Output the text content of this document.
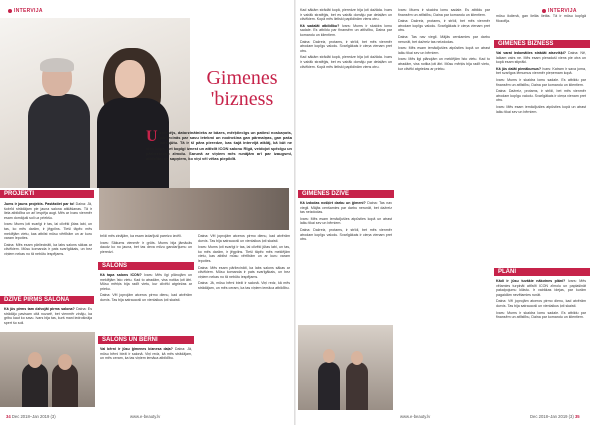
INTERVIJA
Gimenes
'bizness
Uzņēmējs, datorzinātnieks ar bāzes, mērķtiecīgs un patiesi noskaņots, pārliecinās par savu ietekmi un nodrošina gan pārmaiņas, gan paša labsajūtu. Tā ir šī pāra pieredze, kas šajā intervijā atklāj, kā būt ne vien kopā, bet kopīgi iznest un attīstīt ICON salonu Rīgā, veidojot spēcīgu un pārliecinošu zīmolu. Sarunā ar viņiem mēs runājām arī par izaugsmi, atbildību un sapņiem, ko viņi vēl vēlas piepildīt.
PROJEKTI

Jums ir jauns projekts. Pastāstiet par to! Daina: Jā, šobrīd strādājam pie jauna salona atklāšanas. Tā ir liela atbildība un arī iespēja augt. Mēs ar Ivaru vienmēr esam domājuši soli uz priekšu.

Ivars: Mums ļoti svarīgi ir tas, lai cilvēki jūtas labi, un tas, ko mēs darām, ir jēgpilns. Tieši tāpēc mēs meklējām vietu, kas atbilst mūsu vērtībām un ar kuru varam lepoties.

Daina: Mēs esam pārliecināti, ka labs salons sākas ar cilvēkiem. Mūsu komanda ir pats svarīgākais, un bez viņiem nekas no tā nebūtu iespējams.

DZĪVE PIRMS SALONA

Kā jūs pirms tam dzīvojāt pirms salona? Daina: Es strādāju pavisam citā nozarē, bet vienmēr zināju, ka gribu kaut ko savu. Ivars bija tas, kurš mani iedrošināja spert šo soli.

brīdi mēs zinājām, ka esam izdarījuši pareizo izvēli.

Ivars: Sākums vienmēr ir grūts. Mums bija jāmācās daudz ko no jauna, bet tas deva milzu gandarījumu un pieredzi.

SALONS

Kā tapa salons ICON? Ivars: Mēs ilgi plānojām un meklējām īsto vietu. Kad to atradām, viss notika ļoti ātri. Mūsu mērķis bija radīt vietu, kur cilvēki atgriežas ar prieku.

Daina: Vēl joprojām atceros pirmo dienu, kad atvērām durvis. Tas bija satraucoši un vienlaikus ļoti skaisti.

SALONS UN BĒRNI

Vai bērni ir jūsu ģimenes biznesa daļa? Daina: Jā, mūsu bērni bieži ir salonā. Viņi redz, kā mēs strādājam, un mēs ceram, ka tas viņiem iemāca atbildību.

Daina: Vēl joprojām atceros pirmo dienu, kad atvērām durvis. Tas bija satraucoši un vienlaikus ļoti skaisti.

Ivars: Mums ļoti svarīgi ir tas, lai cilvēki jūtas labi, un tas, ko mēs darām, ir jēgpilns. Tieši tāpēc mēs meklējām vietu, kas atbilst mūsu vērtībām un ar kuru varam lepoties.

Daina: Mēs esam pārliecināti, ka labs salons sākas ar cilvēkiem. Mūsu komanda ir pats svarīgākais, un bez viņiem nekas no tā nebūtu iespējams.

Daina: Jā, mūsu bērni bieži ir salonā. Viņi redz, kā mēs strādājam, un mēs ceram, ka tas viņiem iemāca atbildību.

34 Dec 2018–Jan 2019 (3)	www.e-beauty.lv
INTERVIJA

Kad sākām strādāt kopā, pieredze bija ļoti dažāda. Ivars ir vairāk stratēģis, bet es vairāk domāju par detaļām un cilvēkiem. Kopā mēs lieliski papildinām viens otru.

Kā sadalāt atbildību? Ivars: Mums ir skaidra lomu sadale. Es atbildu par finansēm un attīstību, Daina par komandu un klientiem.

Daina: Dažreiz, protams, ir strīdi, bet mēs vienmēr atrodam kopīgu valodu. Svarīgākais ir cieņa vienam pret otru.

Kad sākām strādāt kopā, pieredze bija ļoti dažāda. Ivars ir vairāk stratēģis, bet es vairāk domāju par detaļām un cilvēkiem. Kopā mēs lieliski papildinām viens otru.

GIMENES DZĪVE

Kā izdodas nošķirt darbu un ģimeni? Daina: Tas nav viegli. Mājās cenšamies par darbu nerunāt, bet dažreiz tas neizdodas.

Ivars: Mēs esam iemācījušies atpūsties kopā un atrast laiku tikai sev un bērniem.

Daina: Dažreiz, protams, ir strīdi, bet mēs vienmēr atrodam kopīgu valodu. Svarīgākais ir cieņa vienam pret otru.

Ivars: Mums ir skaidra lomu sadale. Es atbildu par finansēm un attīstību, Daina par komandu un klientiem.

Daina: Dažreiz, protams, ir strīdi, bet mēs vienmēr atrodam kopīgu valodu. Svarīgākais ir cieņa vienam pret otru.

Daina: Tas nav viegli. Mājās cenšamies par darbu nerunāt, bet dažreiz tas neizdodas.

Ivars: Mēs esam iemācījušies atpūsties kopā un atrast laiku tikai sev un bērniem.

Ivars: Mēs ilgi plānojām un meklējām īsto vietu. Kad to atradām, viss notika ļoti ātri. Mūsu mērķis bija radīt vietu, kur cilvēki atgriežas ar prieku.

mūsu ikdienā, gan lielās lietās. Tā ir mūsu kopīgā filozofija.

GIMENES BIZNESS

Vai varat iedomāties strādāt atsevišķi? Daina: Nē, laikam vairs ne. Mēs esam pieraduši viens pie otra un kopā esam stiprāki.

Kā jūs dalāt pienākumus? Ivars: Katram ir sava joma, bet svarīgos lēmumus vienmēr pieņemam kopā.

Ivars: Mums ir skaidra lomu sadale. Es atbildu par finansēm un attīstību, Daina par komandu un klientiem.

Daina: Dažreiz, protams, ir strīdi, bet mēs vienmēr atrodam kopīgu valodu. Svarīgākais ir cieņa vienam pret otru.

Ivars: Mēs esam iemācījušies atpūsties kopā un atrast laiku tikai sev un bērniem.

PLĀNI

Kādi ir jūsu tuvākie nākotnes plāni? Ivars: Mēs vēlamies turpināt attīstīt ICON zīmolu un paplašināt pakalpojumu klāstu. Ir vairākas idejas, par kurām pagaidām nevēlamies runāt.

Daina: Vēl joprojām atceros pirmo dienu, kad atvērām durvis. Tas bija satraucoši un vienlaikus ļoti skaisti.

Ivars: Mums ir skaidra lomu sadale. Es atbildu par finansēm un attīstību, Daina par komandu un klientiem.

www.e-beauty.lv	Dec 2018–Jan 2019 (3) 35
